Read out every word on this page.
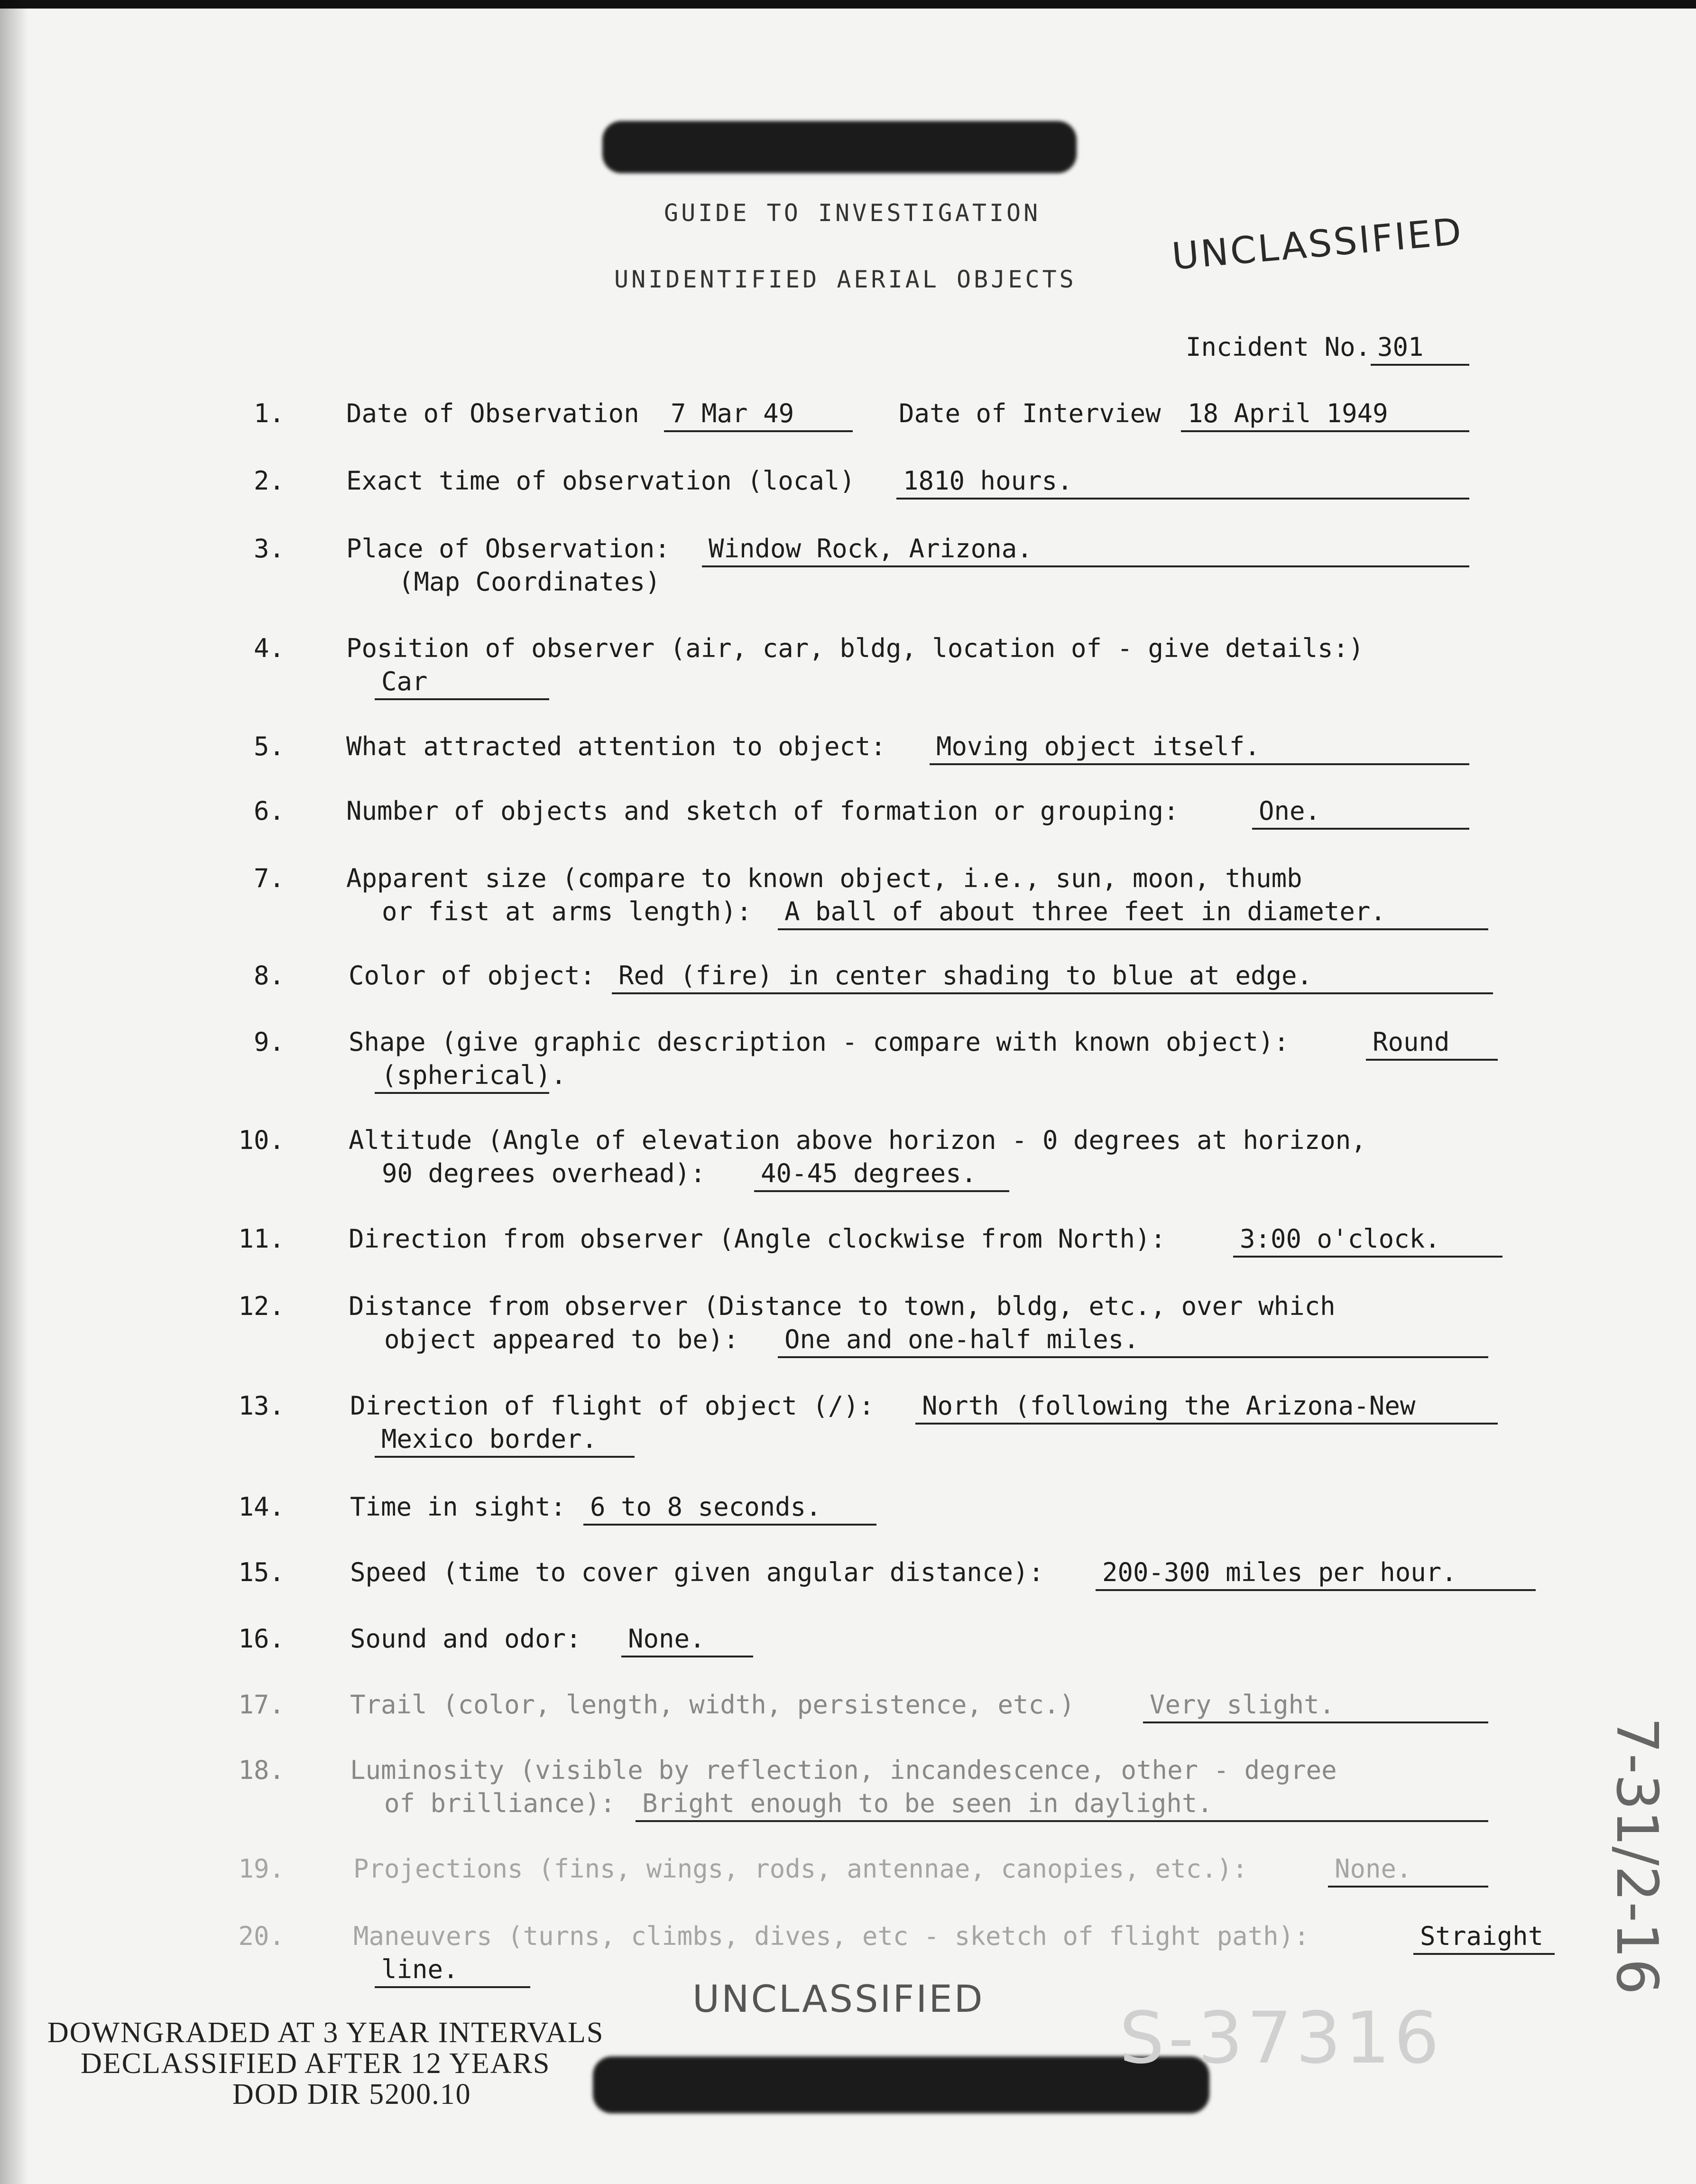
GUIDE TO INVESTIGATION
UNIDENTIFIED AERIAL OBJECTS
UNCLASSIFIED
Incident No. 301
1. Date of Observation 7 Mar 49	Date of Interview 18 April 1949
2. Exact time of observation (local) 1810 hours.
3. Place of Observation: Window Rock, Arizona.
(Map Coordinates)
4. Position of observer (air, car, bldg, location of - give details:)
Car
5. What attracted attention to object: Moving object itself.
6. Number of objects and sketch of formation or grouping:	One.
7. Apparent size (compare to known object, i.e., sun, moon, thumb
or fist at arms length): A ball of about three feet in diameter.
8.	Color of object: Red (fire) in center shading to blue at edge.
9.	Shape (give graphic description - compare with known object):	Round
(spherical).
10.	Altitude (Angle of elevation above horizon - 0 degrees at horizon,
90 degrees overhead): 40-45 degrees.
11.	Direction from observer (Angle clockwise from North):	3:00 o'clock.
12.	Distance from observer (Distance to town, bldg, etc., over which
object appeared to be): One and one-half miles.
13.	Direction of flight of object (/): North (following the Arizona-New
Mexico border.
14.	Time in sight: 6 to 8 seconds.
15.	Speed (time to cover given angular distance): 200-300 miles per hour.
16.	Sound and odor: None.
17.	Trail (color, length, width, persistence, etc.)	Very slight.
18.	Luminosity (visible by reflection, incandescence, other - degree
of brilliance): Bright enough to be seen in daylight.
19.	Projections (fins, wings, rods, antennae, canopies, etc.):	None.
20.	Maneuvers (turns, climbs, dives, etc - sketch of flight path):	Straight
line.
UNCLASSIFIED
DOWNGRADED AT 3 YEAR INTERVALS
DECLASSIFIED AFTER 12 YEARS
DOD DIR 5200.10
S-37316
7-31/2-16
